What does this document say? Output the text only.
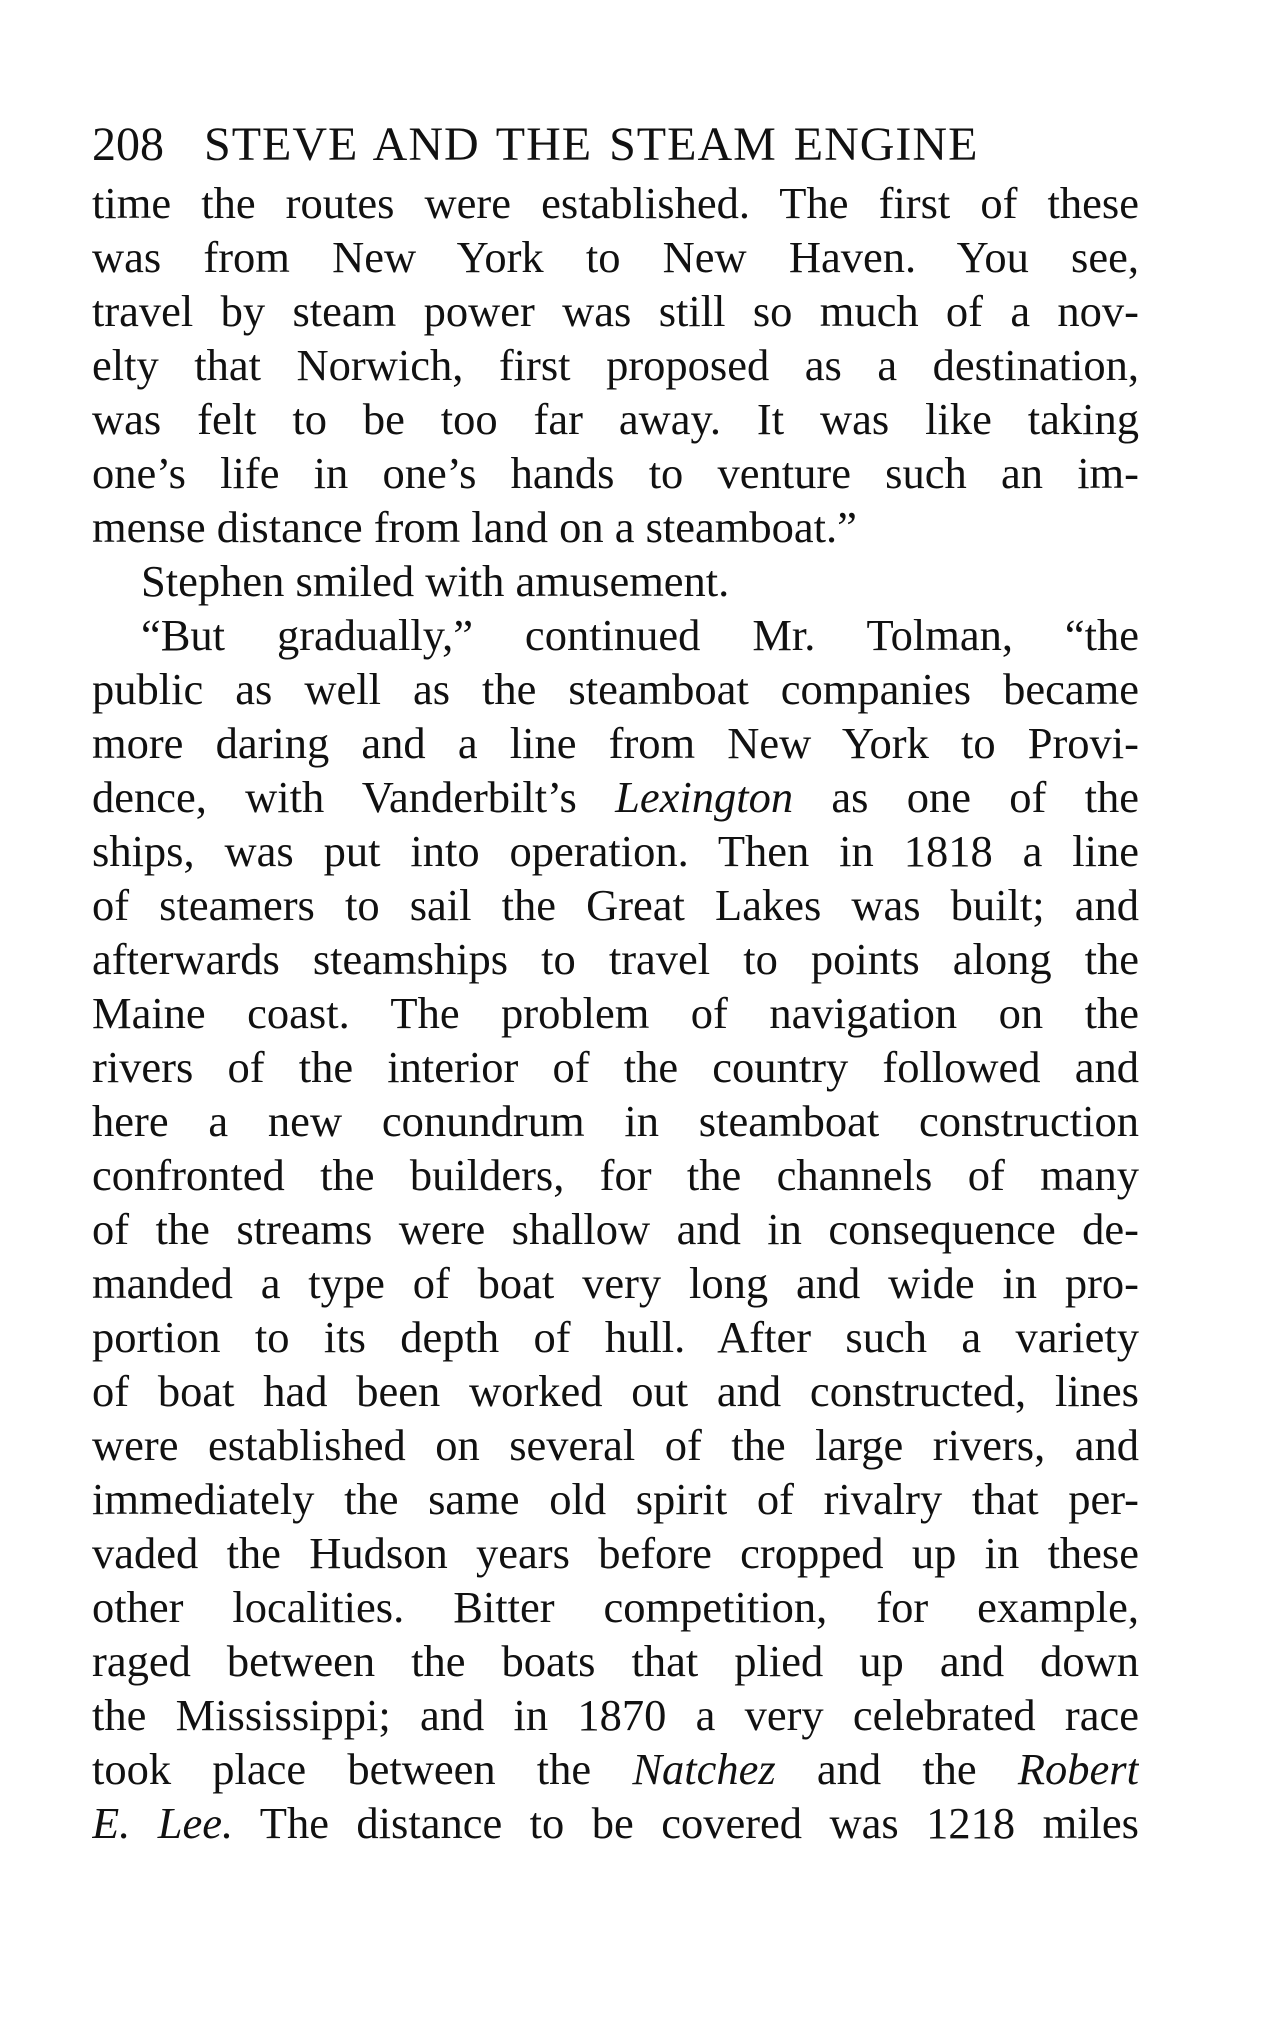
208 STEVE AND THE STEAM ENGINE
time the routes were established. The first of these
was from New York to New Haven. You see,
travel by steam power was still so much of a nov-
elty that Norwich, first proposed as a destination,
was felt to be too far away. It was like taking
one’s life in one’s hands to venture such an im-
mense distance from land on a steamboat.”
Stephen smiled with amusement.
“But gradually,” continued Mr. Tolman, “the
public as well as the steamboat companies became
more daring and a line from New York to Provi-
dence, with Vanderbilt’s Lexington as one of the
ships, was put into operation. Then in 1818 a line
of steamers to sail the Great Lakes was built; and
afterwards steamships to travel to points along the
Maine coast. The problem of navigation on the
rivers of the interior of the country followed and
here a new conundrum in steamboat construction
confronted the builders, for the channels of many
of the streams were shallow and in consequence de-
manded a type of boat very long and wide in pro-
portion to its depth of hull. After such a variety
of boat had been worked out and constructed, lines
were established on several of the large rivers, and
immediately the same old spirit of rivalry that per-
vaded the Hudson years before cropped up in these
other localities. Bitter competition, for example,
raged between the boats that plied up and down
the Mississippi; and in 1870 a very celebrated race
took place between the Natchez and the Robert
E. Lee. The distance to be covered was 1218 miles
